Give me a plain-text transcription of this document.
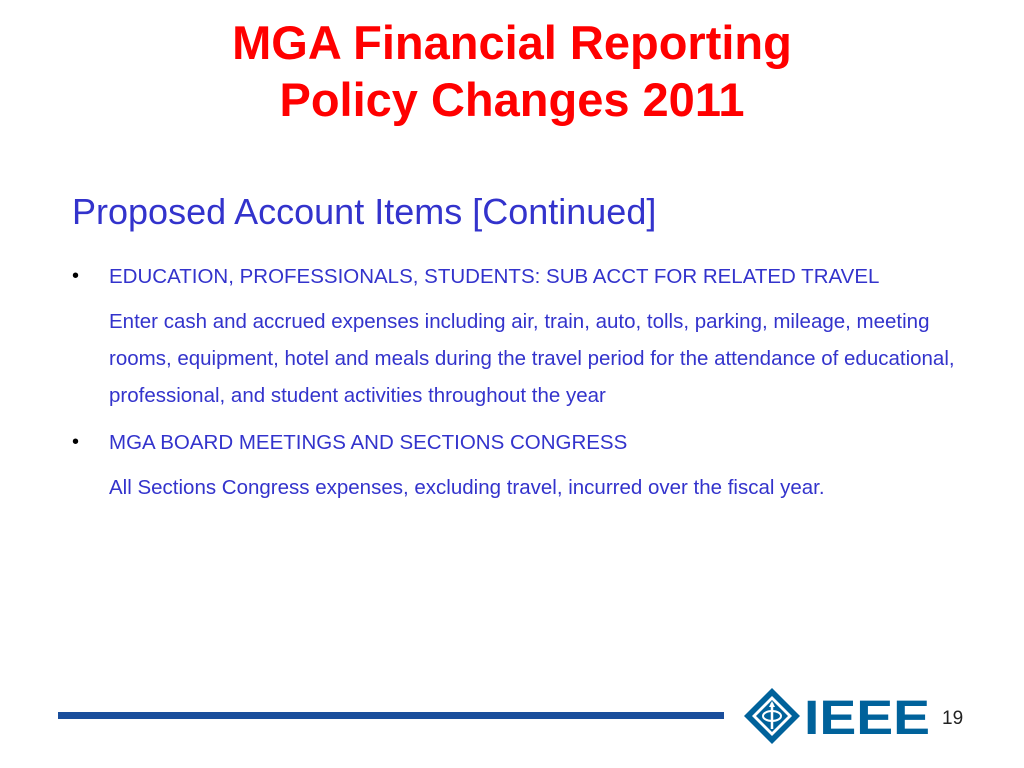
MGA Financial Reporting
Policy Changes 2011
Proposed Account Items [Continued]
• EDUCATION, PROFESSIONALS, STUDENTS: SUB ACCT FOR RELATED TRAVEL

Enter cash and accrued expenses including air, train, auto, tolls, parking, mileage, meeting rooms, equipment, hotel and meals during the travel period for the attendance of educational, professional, and student activities throughout the year

• MGA BOARD MEETINGS AND SECTIONS CONGRESS

All Sections Congress expenses, excluding travel, incurred over the fiscal year.

IEEE 19
